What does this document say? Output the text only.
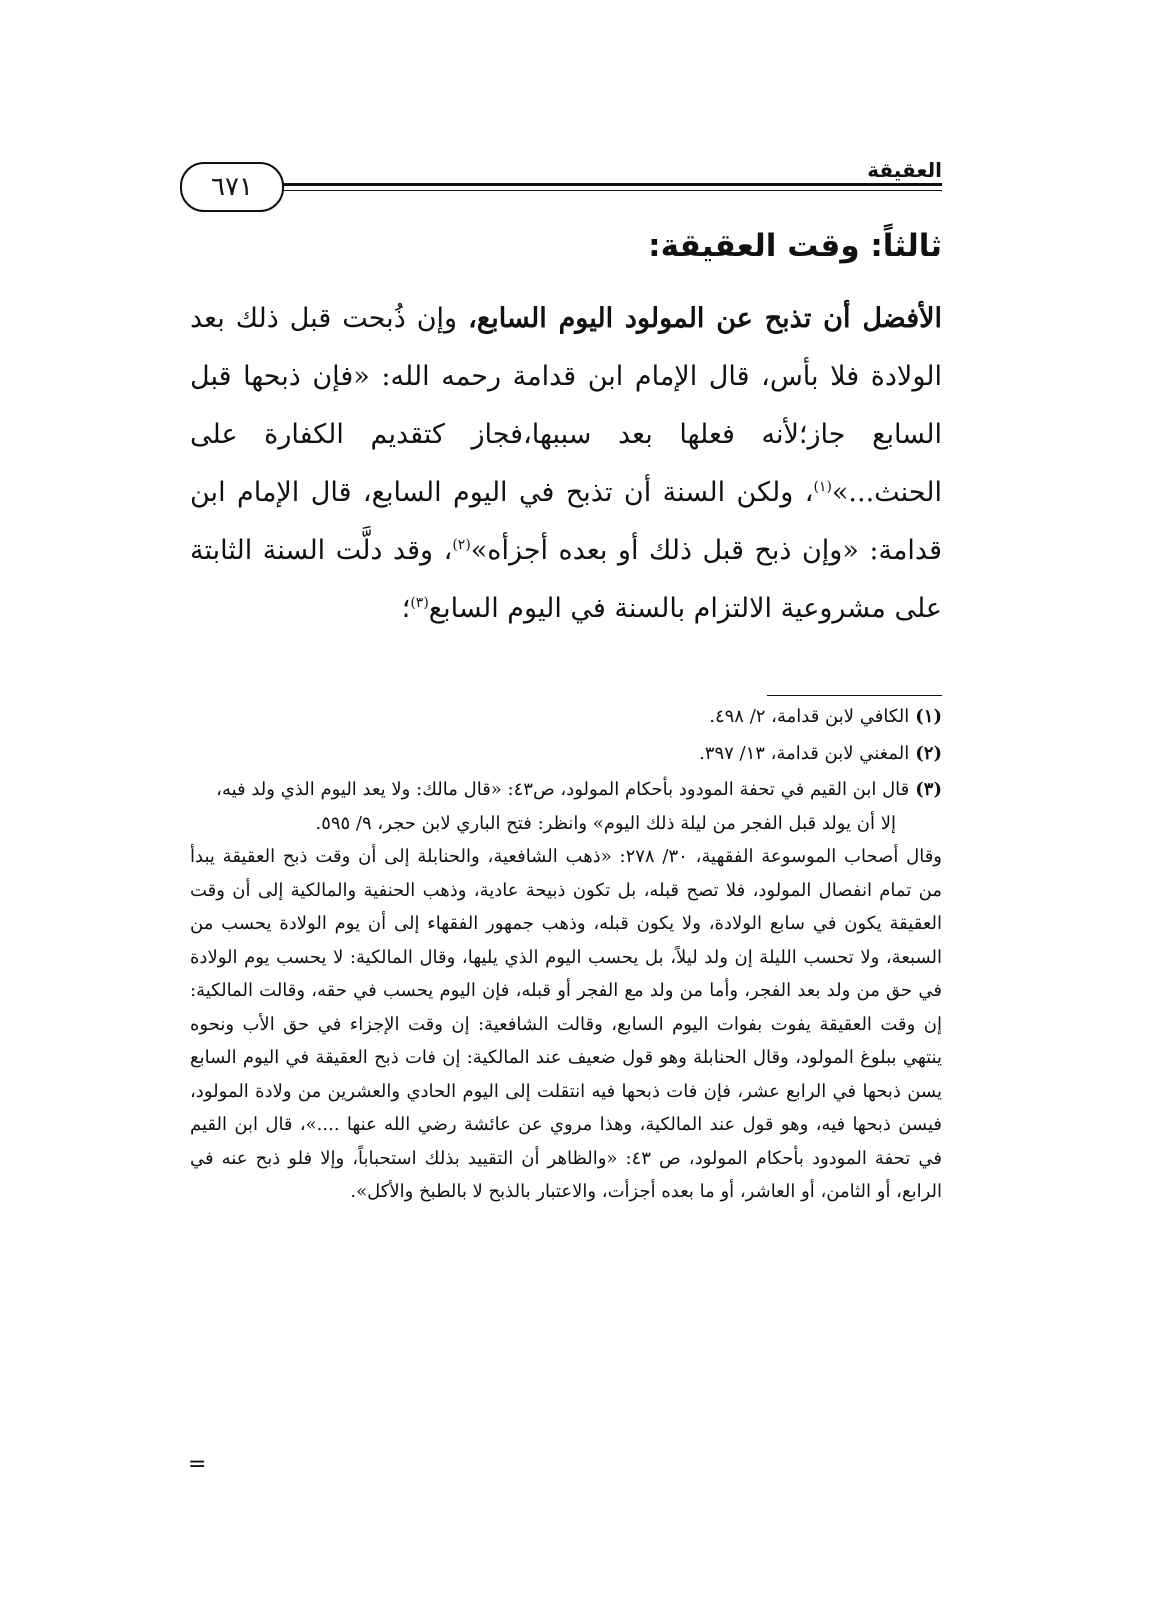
العقيقة
٦٧١
ثالثاً: وقت العقيقة:

الأفضل أن تذبح عن المولود اليوم السابع، وإن ذُبحت قبل ذلك بعد الولادة فلا بأس، قال الإمام ابن قدامة رحمه الله: «فإن ذبحها قبل السابع جاز؛لأنه فعلها بعد سببها،فجاز كتقديم الكفارة على الحنث...»$^{(١)}$، ولكن السنة أن تذبح في اليوم السابع، قال الإمام ابن قدامة: «وإن ذبح قبل ذلك أو بعده أجزأه»$^{(٢)}$، وقد دلَّت السنة الثابتة على مشروعية الالتزام بالسنة في اليوم السابع$^{(٣)}$؛

(١)الكافي لابن قدامة، ٢/ ٤٩٨.

(٢)المغني لابن قدامة، ١٣/ ٣٩٧.

(٣)قال ابن القيم في تحفة المودود بأحكام المولود، ص٤٣: «قال مالك: ولا يعد اليوم الذي ولد فيه،

إلا أن يولد قبل الفجر من ليلة ذلك اليوم» وانظر: فتح الباري لابن حجر، ٩/ ٥٩٥.

وقال أصحاب الموسوعة الفقهية، ٣٠/ ٢٧٨: «ذهب الشافعية، والحنابلة إلى أن وقت ذبح العقيقة يبدأ من تمام انفصال المولود، فلا تصح قبله، بل تكون ذبيحة عادية، وذهب الحنفية والمالكية إلى أن وقت العقيقة يكون في سابع الولادة، ولا يكون قبله، وذهب جمهور الفقهاء إلى أن يوم الولادة يحسب من السبعة، ولا تحسب الليلة إن ولد ليلاً، بل يحسب اليوم الذي يليها، وقال المالكية: لا يحسب يوم الولادة في حق من ولد بعد الفجر، وأما من ولد مع الفجر أو قبله، فإن اليوم يحسب في حقه، وقالت المالكية: إن وقت العقيقة يفوت بفوات اليوم السابع، وقالت الشافعية: إن وقت الإجزاء في حق الأب ونحوه ينتهي ببلوغ المولود، وقال الحنابلة وهو قول ضعيف عند المالكية: إن فات ذبح العقيقة في اليوم السابع يسن ذبحها في الرابع عشر، فإن فات ذبحها فيه انتقلت إلى اليوم الحادي والعشرين من ولادة المولود، فيسن ذبحها فيه، وهو قول عند المالكية، وهذا مروي عن عائشة رضي الله عنها ....»، قال ابن القيم في تحفة المودود بأحكام المولود، ص ٤٣: «والظاهر أن التقييد بذلك استحباباً، وإلا فلو ذبح عنه في الرابع، أو الثامن، أو العاشر، أو ما بعده أجزأت، والاعتبار بالذبح لا بالطبخ والأكل».

=
